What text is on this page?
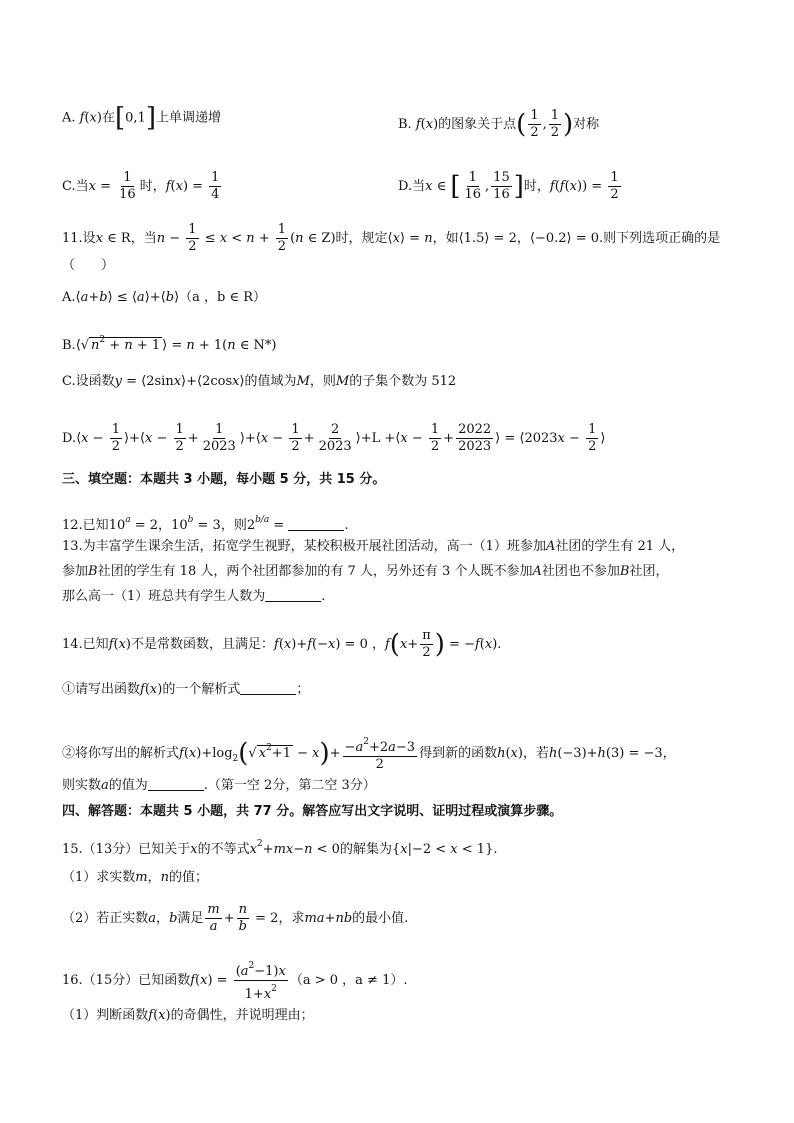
A. f(x)在[0,1]上单调递增	B. f(x)的图象关于点( $\frac{1}{2}$ , $\frac{1}{2}$ )对称
C.当$x = \frac{1}{16}$ 时，$f(x) = \frac{1}{4}$	D.当x ∈ [ $\frac{1}{16}$ , $\frac{15}{16}$ ]时，$f(f(x)) = \frac{1}{2}$
11.设x ∈ R，当$n - \frac{1}{2} \le x < n + \frac{1}{2} (n$ ∈ Z)时，规定⟨x⟩ = n，如⟨1.5⟩ = 2，⟨−0.2⟩ = 0.则下列选项正确的是
（　　）
A.⟨a+b⟩ ≤ ⟨a⟩+⟨b⟩（a ，b ∈ R）
B.⟨√ $n^2 + n + 1$ ⟩ = n + 1(n ∈ N*)
C.设函数y = ⟨2sinx⟩+⟨2cosx⟩的值域为M，则M的子集个数为 512
D.⟨x − $\frac{1}{2}$ ⟩+⟨x − $\frac{1}{2} + \frac{1}{2023}$ ⟩+⟨x − $\frac{1}{2} + \frac{2}{2023}$ ⟩+L +⟨x − $\frac{1}{2} + \frac{2022}{2023}$ ⟩ = ⟨2023x − $\frac{1}{2}$ ⟩
三、填空题：本题共 3 小题，每小题 5 分，共 15 分。
12.已知$10^a = 2$，$10^b = 3$，则$2^{b/a}$ =	.
13.为丰富学生课余生活，拓宽学生视野，某校积极开展社团活动，高一（1）班参加A社团的学生有 21 人，
参加B社团的学生有 18 人，两个社团都参加的有 7 人，另外还有 3 个人既不参加A社团也不参加B社团，
那么高一（1）班总共有学生人数为	.
14.已知f(x)不是常数函数，且满足：f(x)+f(−x) = 0 ，$f(x+ \frac{\pi}{2}$ ) = −f(x).
①请写出函数f(x)的一个解析式	；
②将你写出的解析式$f(x)+\log_2(√$ $x^2+1 - x)+ \frac{-a^2+2a-3}{2}$ 得到新的函数h(x)，若h(−3)+h(3) = −3，
则实数a的值为	.（第一空 2分，第二空 3分）
四、解答题：本题共 5 小题，共 77 分。解答应写出文字说明、证明过程或演算步骤。
15.（13分）已知关于x的不等式$x^2+mx-n < 0$的解集为{x|−2 < x < 1}.
（1）求实数m，n的值；
（2）若正实数a，b满足 $\frac{m}{a} + \frac{n}{b} = 2$，求ma+nb的最小值.
16.（15分）已知函数$f(x) = \frac{(a^2-1)x}{1+x^2} (a > 0$ ，a ≠ 1）.
（1）判断函数f(x)的奇偶性，并说明理由；
